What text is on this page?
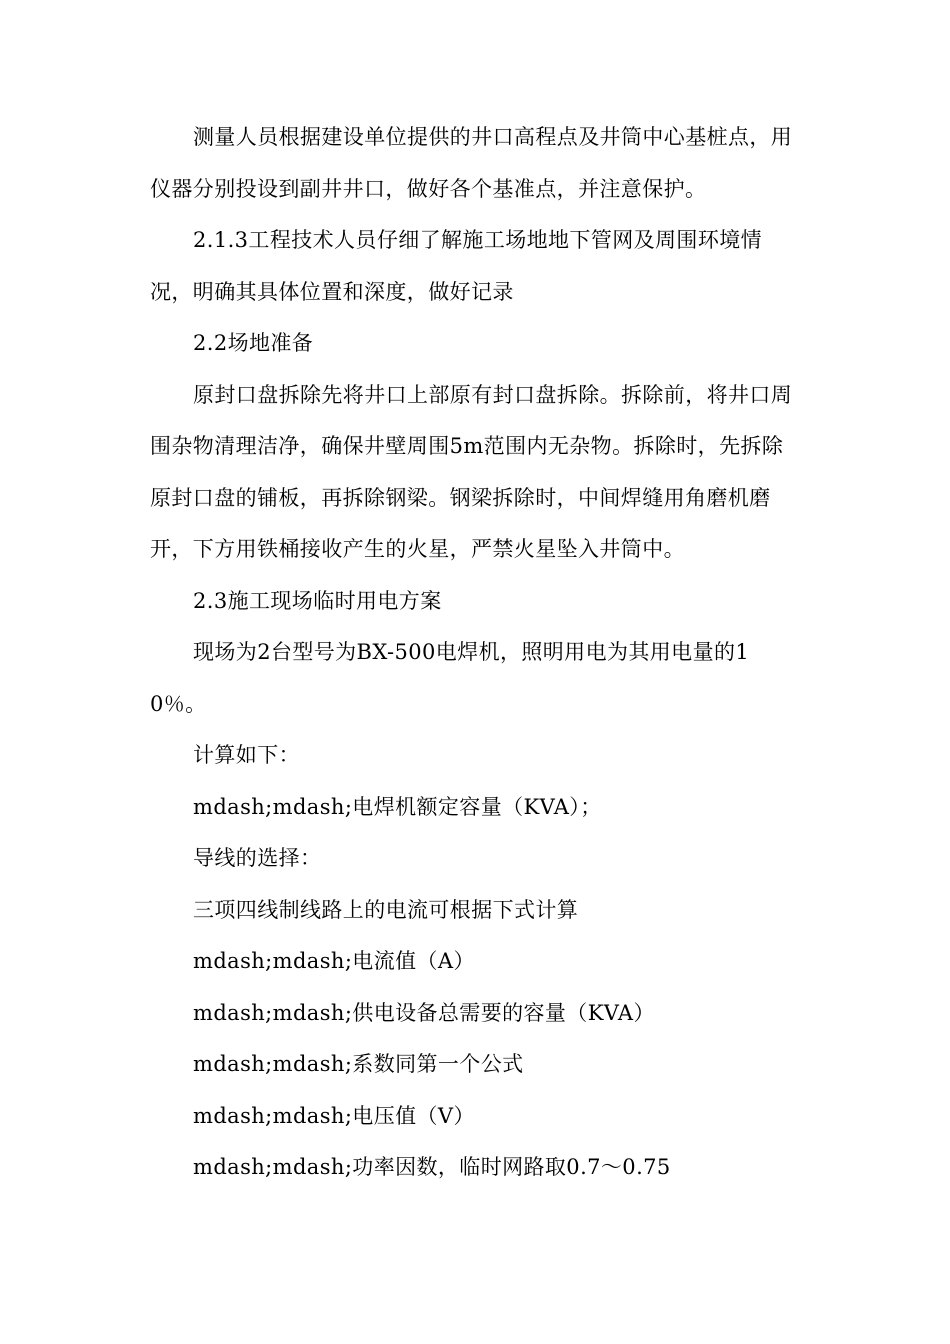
测量人员根据建设单位提供的井口高程点及井筒中心基桩点，用仪器分别投设到副井井口，做好各个基准点，并注意保护。

2.1.3工程技术人员仔细了解施工场地地下管网及周围环境情况，明确其具体位置和深度，做好记录

2.2场地准备

原封口盘拆除先将井口上部原有封口盘拆除。拆除前，将井口周围杂物清理洁净，确保井壁周围5m范围内无杂物。拆除时，先拆除原封口盘的铺板，再拆除钢梁。钢梁拆除时，中间焊缝用角磨机磨开，下方用铁桶接收产生的火星，严禁火星坠入井筒中。

2.3施工现场临时用电方案

现场为2台型号为BX-500电焊机，照明用电为其用电量的10％。

计算如下：

mdash;mdash;电焊机额定容量（KVA）；

导线的选择：

三项四线制线路上的电流可根据下式计算

mdash;mdash;电流值（A）

mdash;mdash;供电设备总需要的容量（KVA）

mdash;mdash;系数同第一个公式

mdash;mdash;电压值（V）

mdash;mdash;功率因数，临时网路取0.7～0.75
